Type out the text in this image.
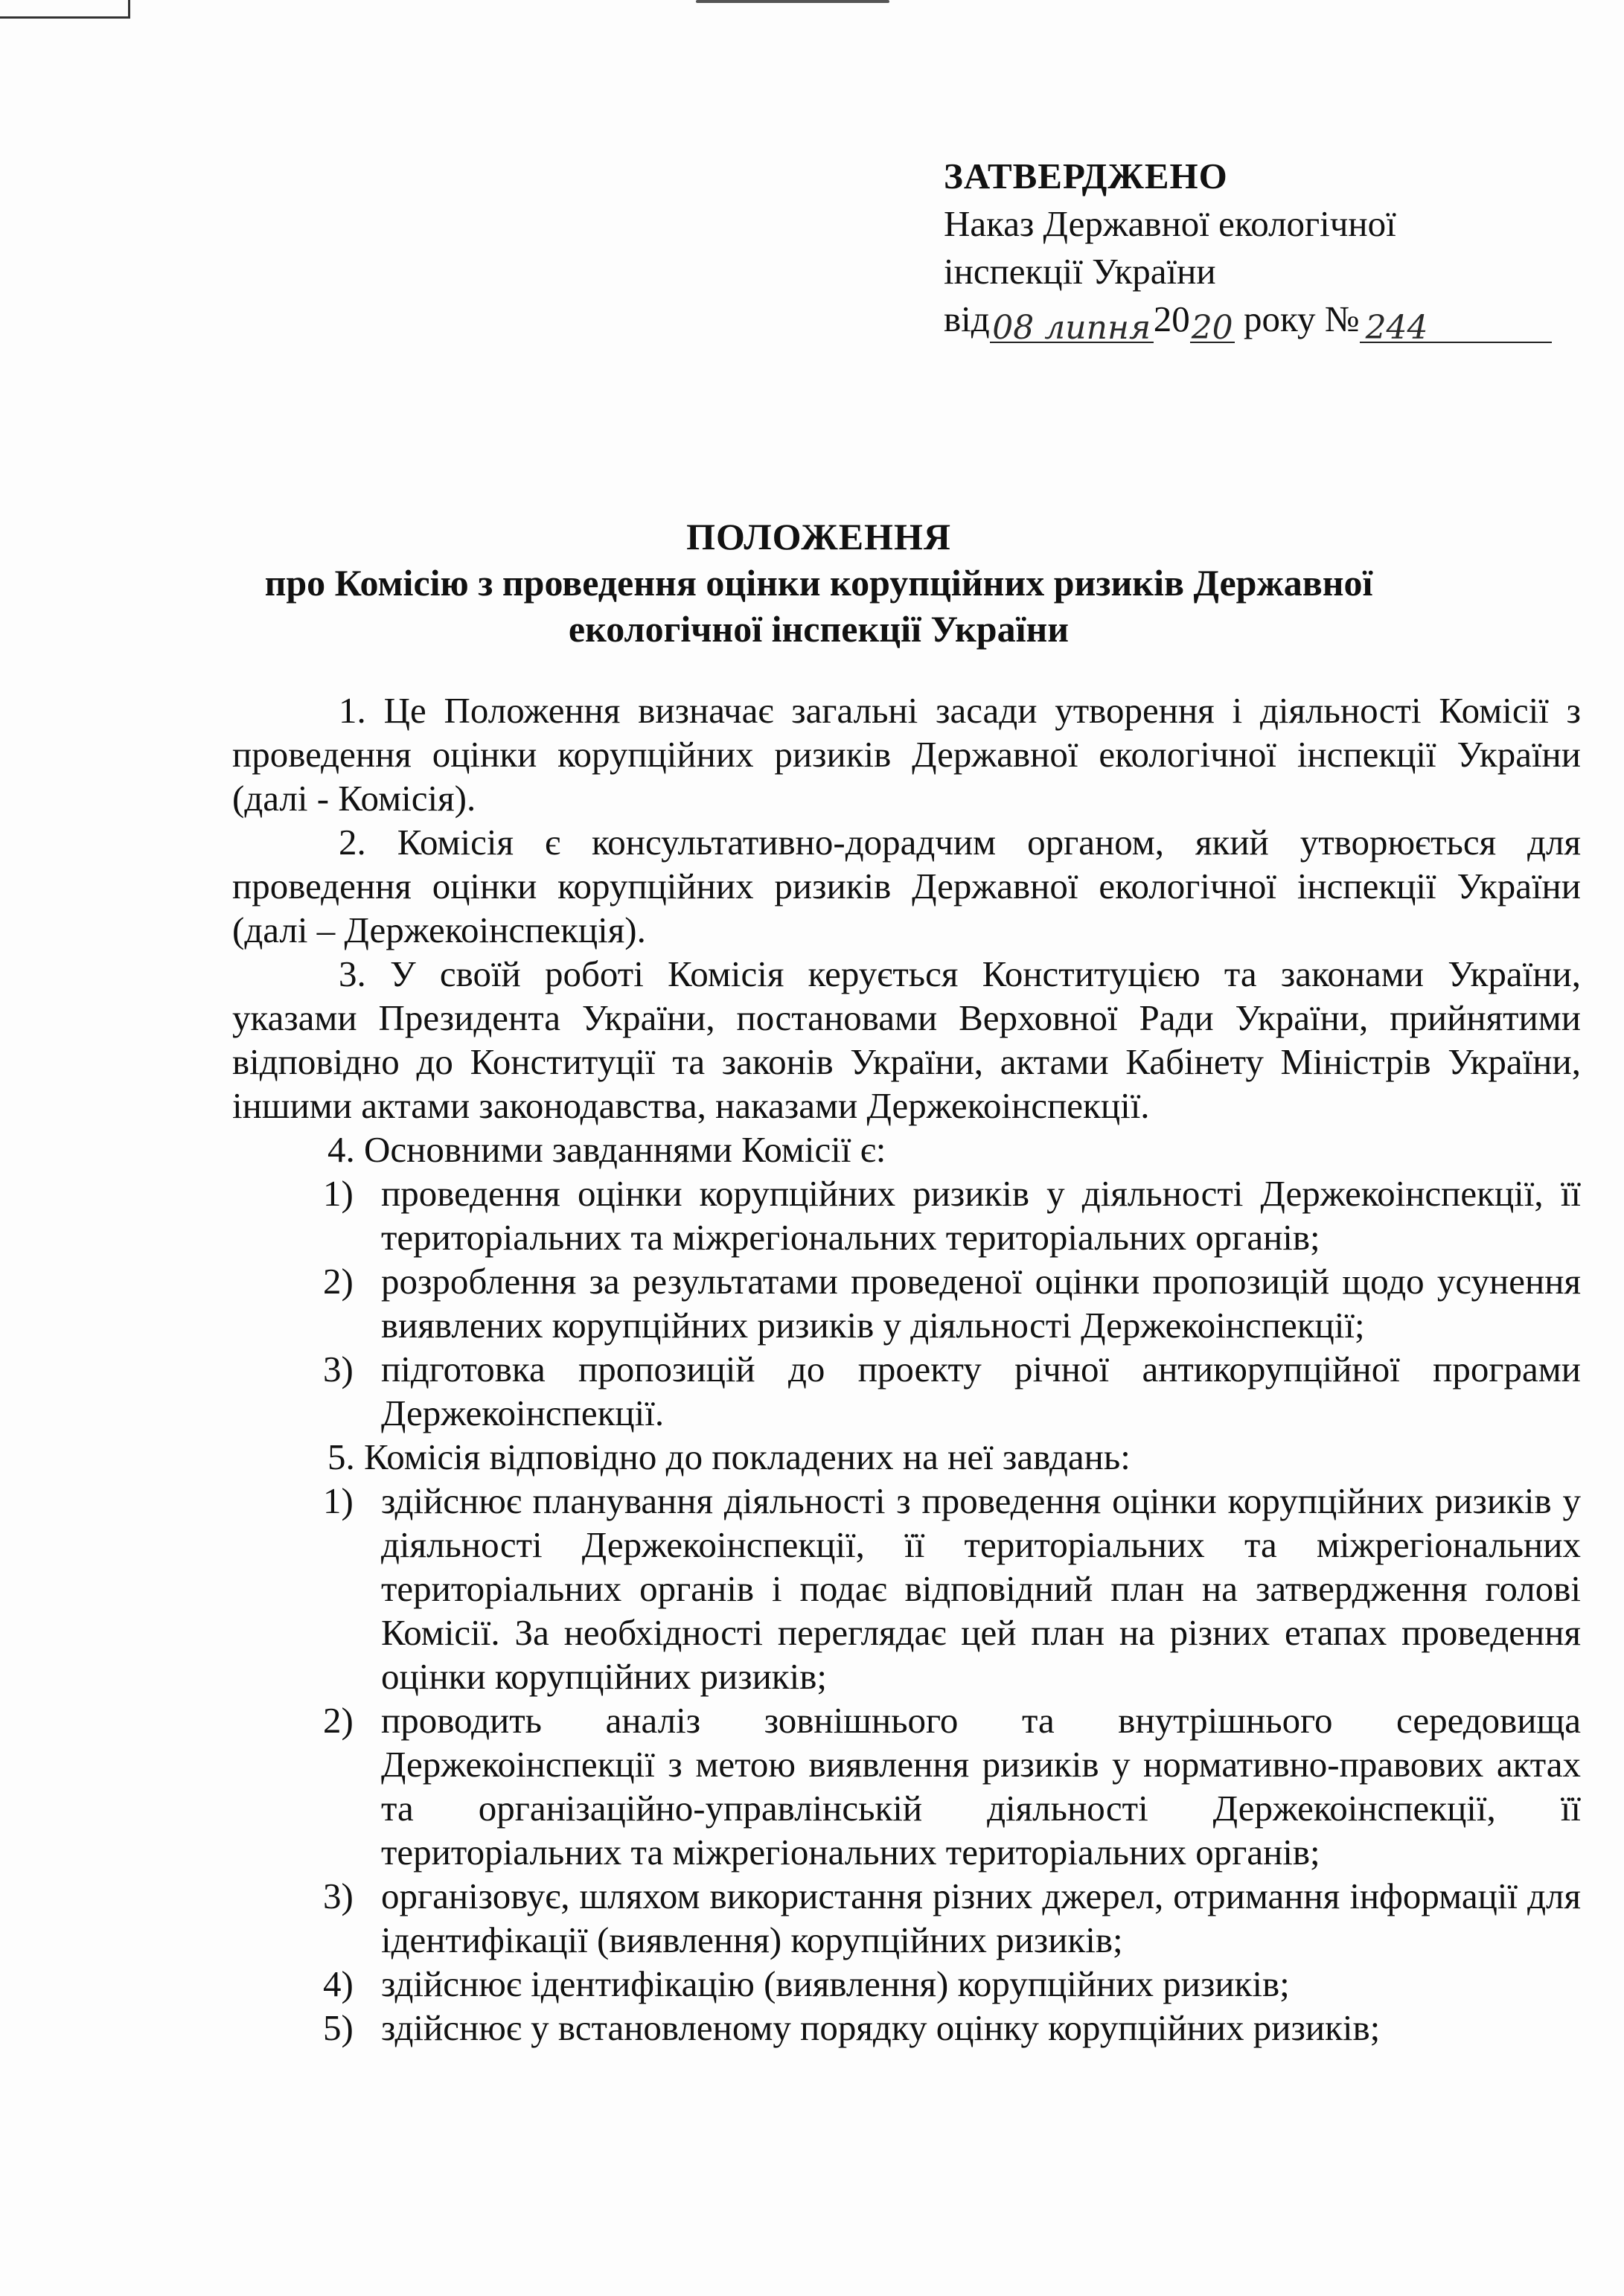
ЗАТВЕРДЖЕНО
Наказ Державної екологічної
інспекції України
від08 липня2020 року № 244
ПОЛОЖЕННЯ
про Комісію з проведення оцінки корупційних ризиків Державної
екологічної інспекції України

1. Це Положення визначає загальні засади утворення і діяльності Комісії з проведення оцінки корупційних ризиків Державної екологічної інспекції України (далі - Комісія).

2. Комісія є консультативно-дорадчим органом, який утворюється для проведення оцінки корупційних ризиків Державної екологічної інспекції України (далі – Держекоінспекція).

3. У своїй роботі Комісія керується Конституцією та законами України, указами Президента України, постановами Верховної Ради України, прийнятими відповідно до Конституції та законів України, актами Кабінету Міністрів України, іншими актами законодавства, наказами Держекоінспекції.

4. Основними завданнями Комісії є:

1) проведення оцінки корупційних ризиків у діяльності Держекоінспекції, її територіальних та міжрегіональних територіальних органів;
2) розроблення за результатами проведеної оцінки пропозицій щодо усунення виявлених корупційних ризиків у діяльності Держекоінспекції;
3) підготовка пропозицій до проекту річної антикорупційної програми Держекоінспекції.

5. Комісія відповідно до покладених на неї завдань:

1) здійснює планування діяльності з проведення оцінки корупційних ризиків у діяльності Держекоінспекції, її територіальних та міжрегіональних територіальних органів і подає відповідний план на затвердження голові Комісії. За необхідності переглядає цей план на різних етапах проведення оцінки корупційних ризиків;
2) проводить аналіз зовнішнього та внутрішнього середовища Держекоінспекції з метою виявлення ризиків у нормативно-правових актах та організаційно-управлінській діяльності Держекоінспекції, її територіальних та міжрегіональних територіальних органів;
3) організовує, шляхом використання різних джерел, отримання інформації для ідентифікації (виявлення) корупційних ризиків;
4) здійснює ідентифікацію (виявлення) корупційних ризиків;
5) здійснює у встановленому порядку оцінку корупційних ризиків;
